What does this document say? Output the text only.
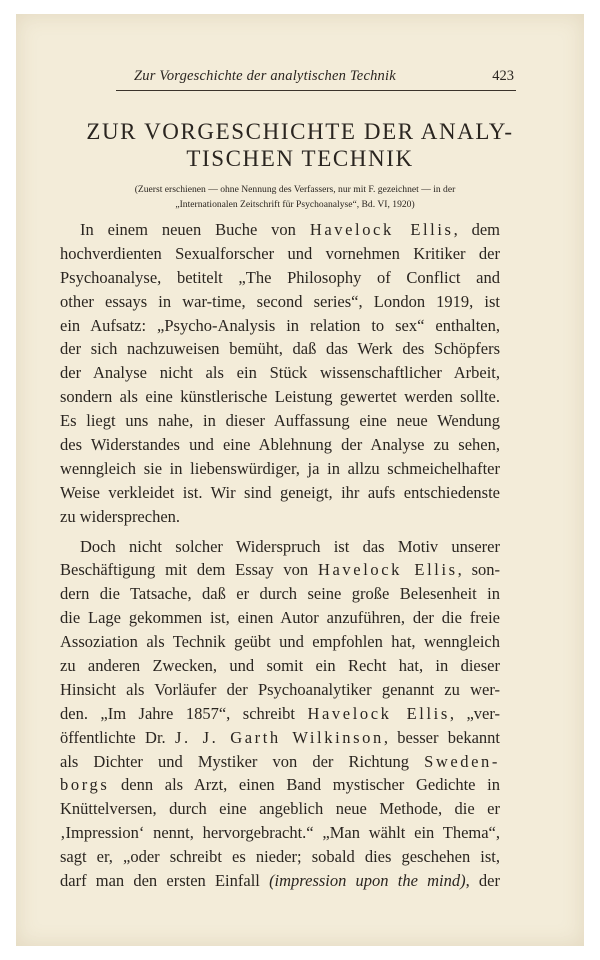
Zur Vorgeschichte der analytischen Technik	423
ZUR VORGESCHICHTE DER ANALY-
TISCHEN TECHNIK
(Zuerst erschienen — ohne Nennung des Verfassers, nur mit F. gezeichnet — in der
„Internationalen Zeitschrift für Psychoanalyse“, Bd. VI, 1920)
In einem neuen Buche von Havelock Ellis, dem
hochverdienten Sexualforscher und vornehmen Kritiker der
Psychoanalyse, betitelt „The Philosophy of Conflict and
other essays in war-time, second series“, London 1919, ist
ein Aufsatz: „Psycho-Analysis in relation to sex“ enthalten,
der sich nachzuweisen bemüht, daß das Werk des Schöpfers
der Analyse nicht als ein Stück wissenschaftlicher Arbeit,
sondern als eine künstlerische Leistung gewertet werden sollte.
Es liegt uns nahe, in dieser Auffassung eine neue Wendung
des Widerstandes und eine Ablehnung der Analyse zu sehen,
wenngleich sie in liebenswürdiger, ja in allzu schmeichelhafter
Weise verkleidet ist. Wir sind geneigt, ihr aufs entschiedenste
zu widersprechen.
Doch nicht solcher Widerspruch ist das Motiv unserer
Beschäftigung mit dem Essay von Havelock Ellis, son-
dern die Tatsache, daß er durch seine große Belesenheit in
die Lage gekommen ist, einen Autor anzuführen, der die freie
Assoziation als Technik geübt und empfohlen hat, wenngleich
zu anderen Zwecken, und somit ein Recht hat, in dieser
Hinsicht als Vorläufer der Psychoanalytiker genannt zu wer-
den. „Im Jahre 1857“, schreibt Havelock Ellis, „ver-
öffentlichte Dr. J. J. Garth Wilkinson, besser bekannt
als Dichter und Mystiker von der Richtung Sweden-
borgs denn als Arzt, einen Band mystischer Gedichte in
Knüttelversen, durch eine angeblich neue Methode, die er
‚Impression‘ nennt, hervorgebracht.“ „Man wählt ein Thema“,
sagt er, „oder schreibt es nieder; sobald dies geschehen ist,
darf man den ersten Einfall (impression upon the mind), der
